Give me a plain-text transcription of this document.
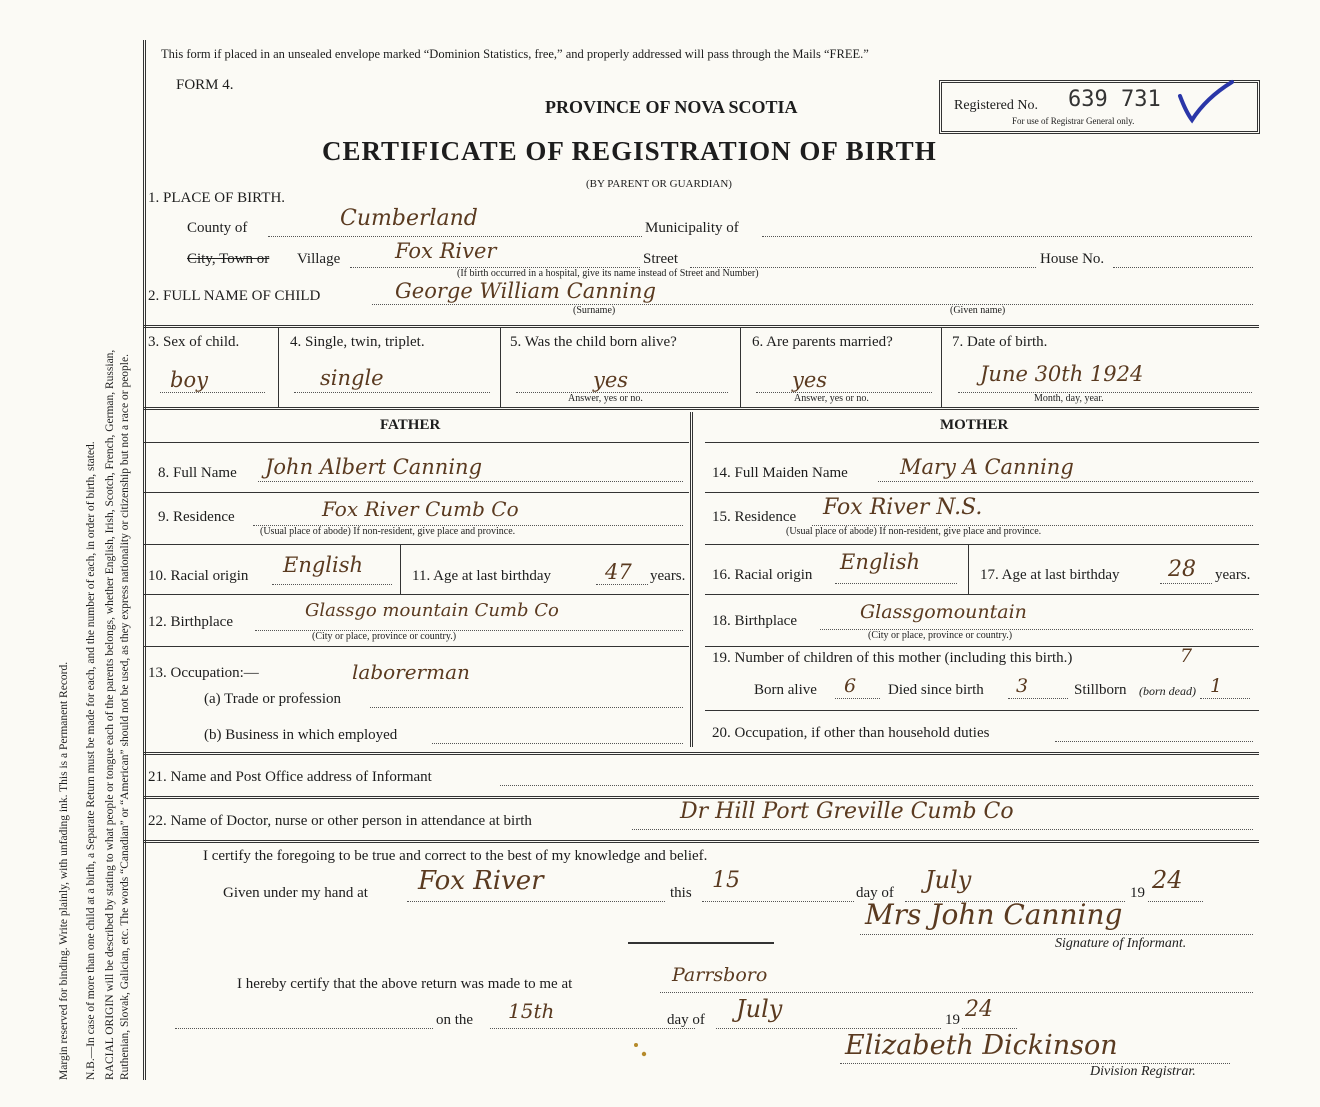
Margin reserved for binding. Write plainly, with unfading ink. This is a Permanent Record. N.B.—In case of more than one child at a birth, a Separate Return must be made for each, and the number of each, in order of birth, stated. RACIAL ORIGIN will be described by stating to what people or tongue each of the parents belongs, whether English, Irish, Scotch, French, German, Russian, Ruthenian, Slovak, Galician, etc. The words “Canadian” or “American” should not be used, as they express nationality or citizenship but not a race or people.
This form if placed in an unsealed envelope marked “Dominion Statistics, free,” and properly addressed will pass through the Mails “FREE.”
FORM 4.
PROVINCE OF NOVA SCOTIA
CERTIFICATE OF REGISTRATION OF BIRTH
(BY PARENT OR GUARDIAN)
Registered No. 639 731
For use of Registrar General only.
1. PLACE OF BIRTH.
County of	Cumberland	Municipality of
City, Town or Village	Fox River	Street	House No.
(If birth occurred in a hospital, give its name instead of Street and Number)
2. FULL NAME OF CHILD	George William Canning
(Surname)	(Given name)
3. Sex of child.
boy
4. Single, twin, triplet.
single
5. Was the child born alive?
yes
Answer, yes or no.
6. Are parents married?
yes
Answer, yes or no.
7. Date of birth.
June 30th 1924
Month, day, year.
FATHER	MOTHER
8. Full Name John Albert Canning
9. Residence	Fox River Cumb Co
(Usual place of abode) If non-resident, give place and province.
10. Racial origin English	11. Age at last birthday	47 years.
12. Birthplace
Glassgo mountain Cumb Co
(City or place, province or country.)
13. Occupation:—	laborerman
(a) Trade or profession
(b) Business in which employed
14. Full Maiden Name Mary A Canning
15. Residence Fox River N.S.
(Usual place of abode) If non-resident, give place and province.
16. Racial origin
English
17. Age at last birthday 28 years.
18. Birthplace	Glassgomountain
(City or place, province or country.)
19. Number of children of this mother (including this birth.)	7
Born alive 6 Died since birth 3	Stillborn (born dead) 1
20. Occupation, if other than household duties
21. Name and Post Office address of Informant
22. Name of Doctor, nurse or other person in attendance at birth	Dr Hill Port Greville Cumb Co
I certify the foregoing to be true and correct to the best of my knowledge and belief.
Given under my hand at Fox River	this 15	day of July	19 24
Mrs John Canning
Signature of Informant.
I hereby certify that the above return was made to me at	Parrsboro
on the 15th	day of July	19 24
Elizabeth Dickinson
Division Registrar.
